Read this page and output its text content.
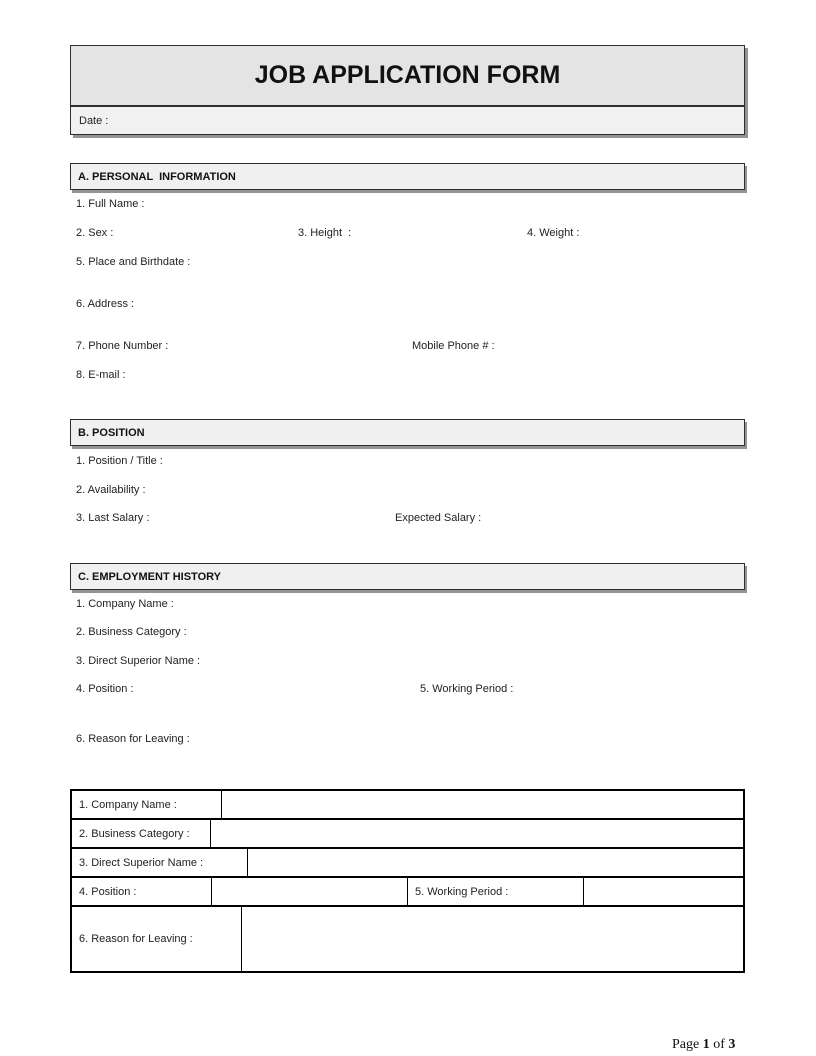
JOB APPLICATION FORM
Date :
A. PERSONAL  INFORMATION
1. Full Name :
2. Sex :	3. Height  :	4. Weight :
5. Place and Birthdate :
6. Address :
7. Phone Number :	Mobile Phone # :
8. E-mail :
B. POSITION
1. Position / Title :
2. Availability :
3. Last Salary :	Expected Salary :
C. EMPLOYMENT HISTORY
1. Company Name :
2. Business Category :
3. Direct Superior Name :
4. Position :	5. Working Period :
6. Reason for Leaving :
1. Company Name :
2. Business Category :
3. Direct Superior Name :
4. Position :	5. Working Period :
6. Reason for Leaving :

Page 1 of 3
